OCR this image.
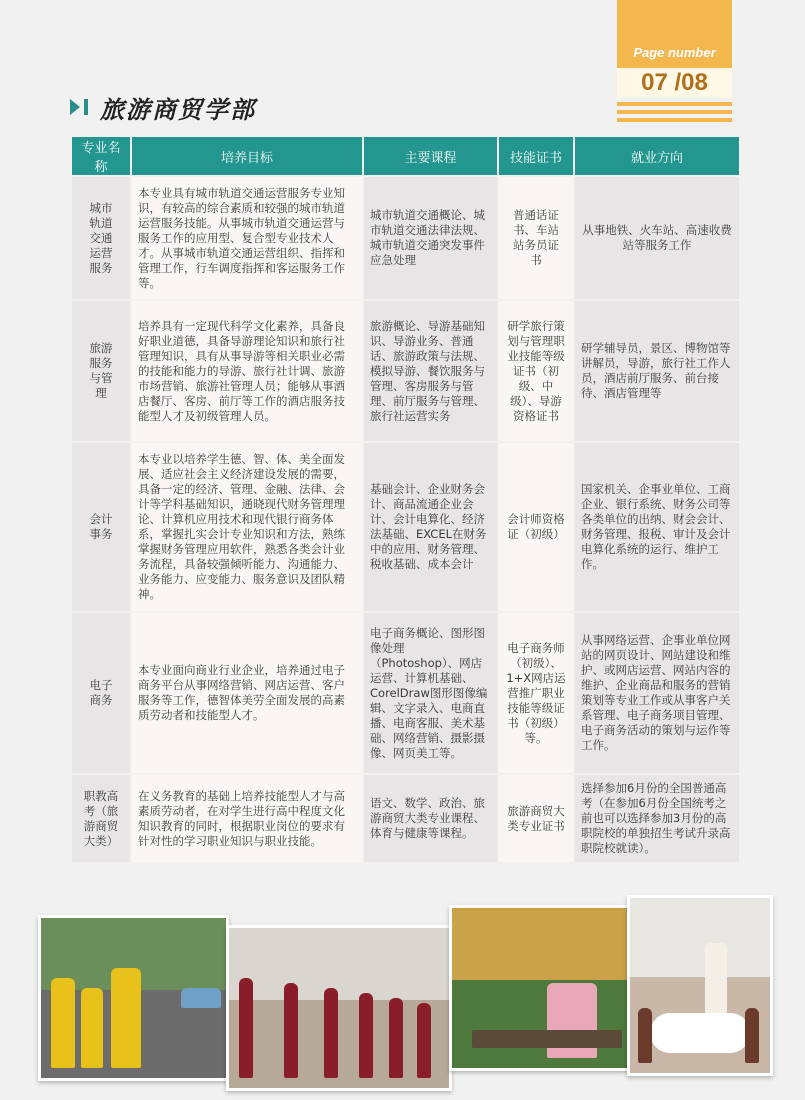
Page number
07 /08
旅游商贸学部
专业名称	培养目标	主要课程	技能证书	就业方向
城市轨道交通运营服务	本专业具有城市轨道交通运营服务专业知识，有较高的综合素质和较强的城市轨道运营服务技能。从事城市轨道交通运营与服务工作的应用型、复合型专业技术人才。从事城市轨道交通运营组织、指挥和管理工作，行车调度指挥和客运服务工作等。	城市轨道交通概论、城市轨道交通法律法规、城市轨道交通突发事件应急处理	普通话证书、车站站务员证书	从事地铁、火车站、高速收费站等服务工作
旅游服务与管理	培养具有一定现代科学文化素养，具备良好职业道德，具备导游理论知识和旅行社管理知识，具有从事导游等相关职业必需的技能和能力的导游、旅行社计调、旅游市场营销、旅游社管理人员；能够从事酒店餐厅、客房、前厅等工作的酒店服务技能型人才及初级管理人员。	旅游概论、导游基础知识、导游业务、普通话、旅游政策与法规、模拟导游、餐饮服务与管理、客房服务与管理、前厅服务与管理、旅行社运营实务	研学旅行策划与管理职业技能等级证书（初级、中级）、导游资格证书	研学辅导员，景区、博物馆等讲解员，导游，旅行社工作人员，酒店前厅服务、前台接待、酒店管理等
会计事务	本专业以培养学生德、智、体、美全面发展、适应社会主义经济建设发展的需要，具备一定的经济、管理、金融、法律、会计等学科基础知识，通晓现代财务管理理论、计算机应用技术和现代银行商务体系，掌握扎实会计专业知识和方法，熟练掌握财务管理应用软件，熟悉各类会计业务流程，具备较强倾听能力、沟通能力、业务能力、应变能力、服务意识及团队精神。	基础会计、企业财务会计、商品流通企业会计、会计电算化、经济法基础、EXCEL在财务中的应用、财务管理、税收基础、成本会计	会计师资格证（初级）	国家机关、企事业单位、工商企业、银行系统、财务公司等各类单位的出纳、财会会计、财务管理、报税、审计及会计电算化系统的运行、维护工作。
电子商务	本专业面向商业行业企业，培养通过电子商务平台从事网络营销、网店运营、客户服务等工作，德智体美劳全面发展的高素质劳动者和技能型人才。	电子商务概论、图形图像处理（Photoshop）、网店运营、计算机基础、CorelDraw图形图像编辑、文字录入、电商直播、电商客服、美术基础、网络营销、摄影摄像、网页美工等。	电子商务师（初级）、1+X网店运营推广职业技能等级证书（初级）等。	从事网络运营、企事业单位网站的网页设计、网站建设和维护、或网店运营、网站内容的维护、企业商品和服务的营销策划等专业工作或从事客户关系管理、电子商务项目管理、电子商务活动的策划与运作等工作。
职教高考（旅游商贸大类）	在义务教育的基础上培养技能型人才与高素质劳动者，在对学生进行高中程度文化知识教育的同时，根据职业岗位的要求有针对性的学习职业知识与职业技能。	语文、数学、政治、旅游商贸大类专业课程、体育与健康等课程。	旅游商贸大类专业证书	选择参加6月份的全国普通高考（在参加6月份全国统考之前也可以选择参加3月份的高职院校的单独招生考试升录高职院校就读）。
